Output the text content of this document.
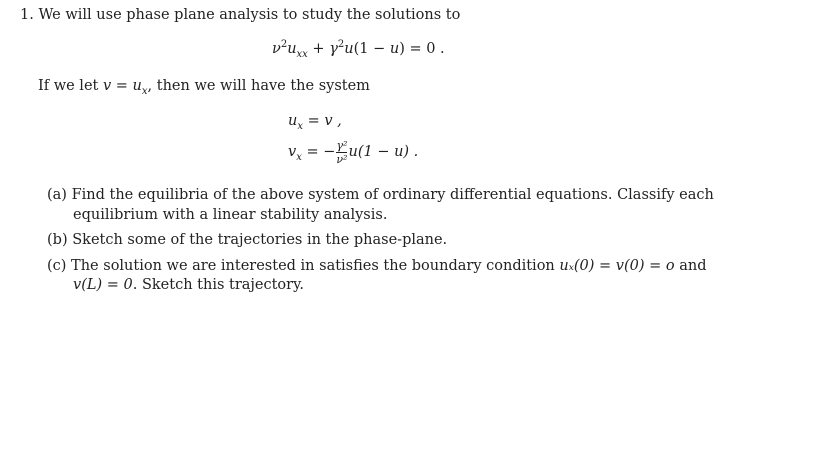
1. We will use phase plane analysis to study the solutions to
$\nu^2u_{xx} + \gamma^2u(1 - u) = 0$ .
If we let $v = u_x$, then we will have the system
$u_x = v$ ,
$v_x$ = − $\frac{\text{γ²}}{\text{ν²}} u(1 - u)$ .
(a) Find the equilibria of the above system of ordinary differential equations. Classify each
equilibrium with a linear stability analysis.
(b) Sketch some of the trajectories in the phase-plane.
(c) The solution we are interested in satisfies the boundary condition uₓ(0) = v(0) = o and
v(L) = 0. Sketch this trajectory.
